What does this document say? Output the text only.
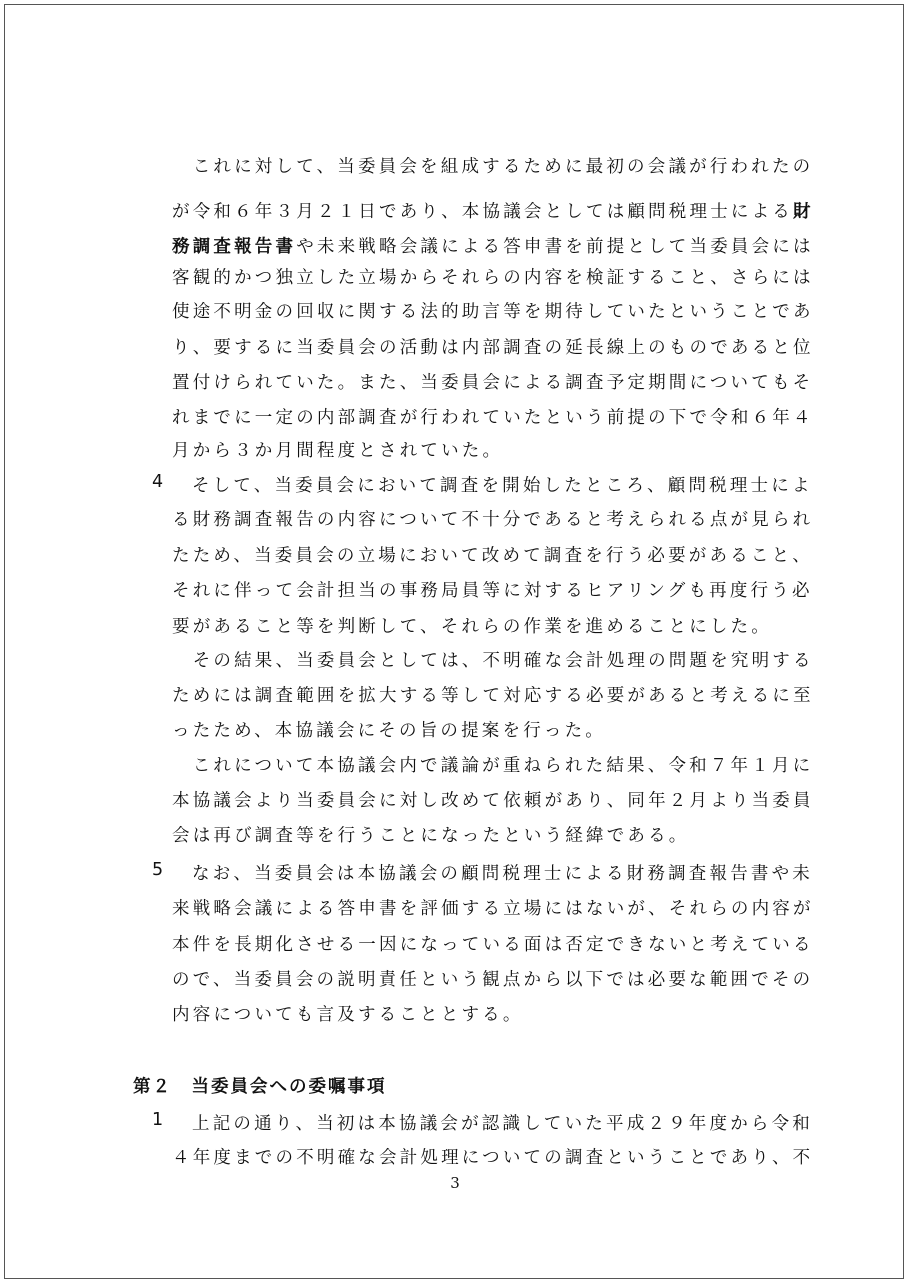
　これに対して、当委員会を組成するために最初の会議が行われたの
が令和６年３月２１日であり、本協議会としては顧問税理士による財
務調査報告書や未来戦略会議による答申書を前提として当委員会には
客観的かつ独立した立場からそれらの内容を検証すること、さらには
使途不明金の回収に関する法的助言等を期待していたということであ
り、要するに当委員会の活動は内部調査の延長線上のものであると位
置付けられていた。また、当委員会による調査予定期間についてもそ
れまでに一定の内部調査が行われていたという前提の下で令和６年４
月から３か月間程度とされていた。
4 そして、当委員会において調査を開始したところ、顧問税理士によ
る財務調査報告の内容について不十分であると考えられる点が見られ
たため、当委員会の立場において改めて調査を行う必要があること、
それに伴って会計担当の事務局員等に対するヒアリングも再度行う必
要があること等を判断して、それらの作業を進めることにした。
　その結果、当委員会としては、不明確な会計処理の問題を究明する
ためには調査範囲を拡大する等して対応する必要があると考えるに至
ったため、本協議会にその旨の提案を行った。
　これについて本協議会内で議論が重ねられた結果、令和７年１月に
本協議会より当委員会に対し改めて依頼があり、同年２月より当委員
会は再び調査等を行うことになったという経緯である。
5 なお、当委員会は本協議会の顧問税理士による財務調査報告書や未
来戦略会議による答申書を評価する立場にはないが、それらの内容が
本件を長期化させる一因になっている面は否定できないと考えている
ので、当委員会の説明責任という観点から以下では必要な範囲でその
内容についても言及することとする。
第２　当委員会への委嘱事項
1 上記の通り、当初は本協議会が認識していた平成２９年度から令和
４年度までの不明確な会計処理についての調査ということであり、不
3
